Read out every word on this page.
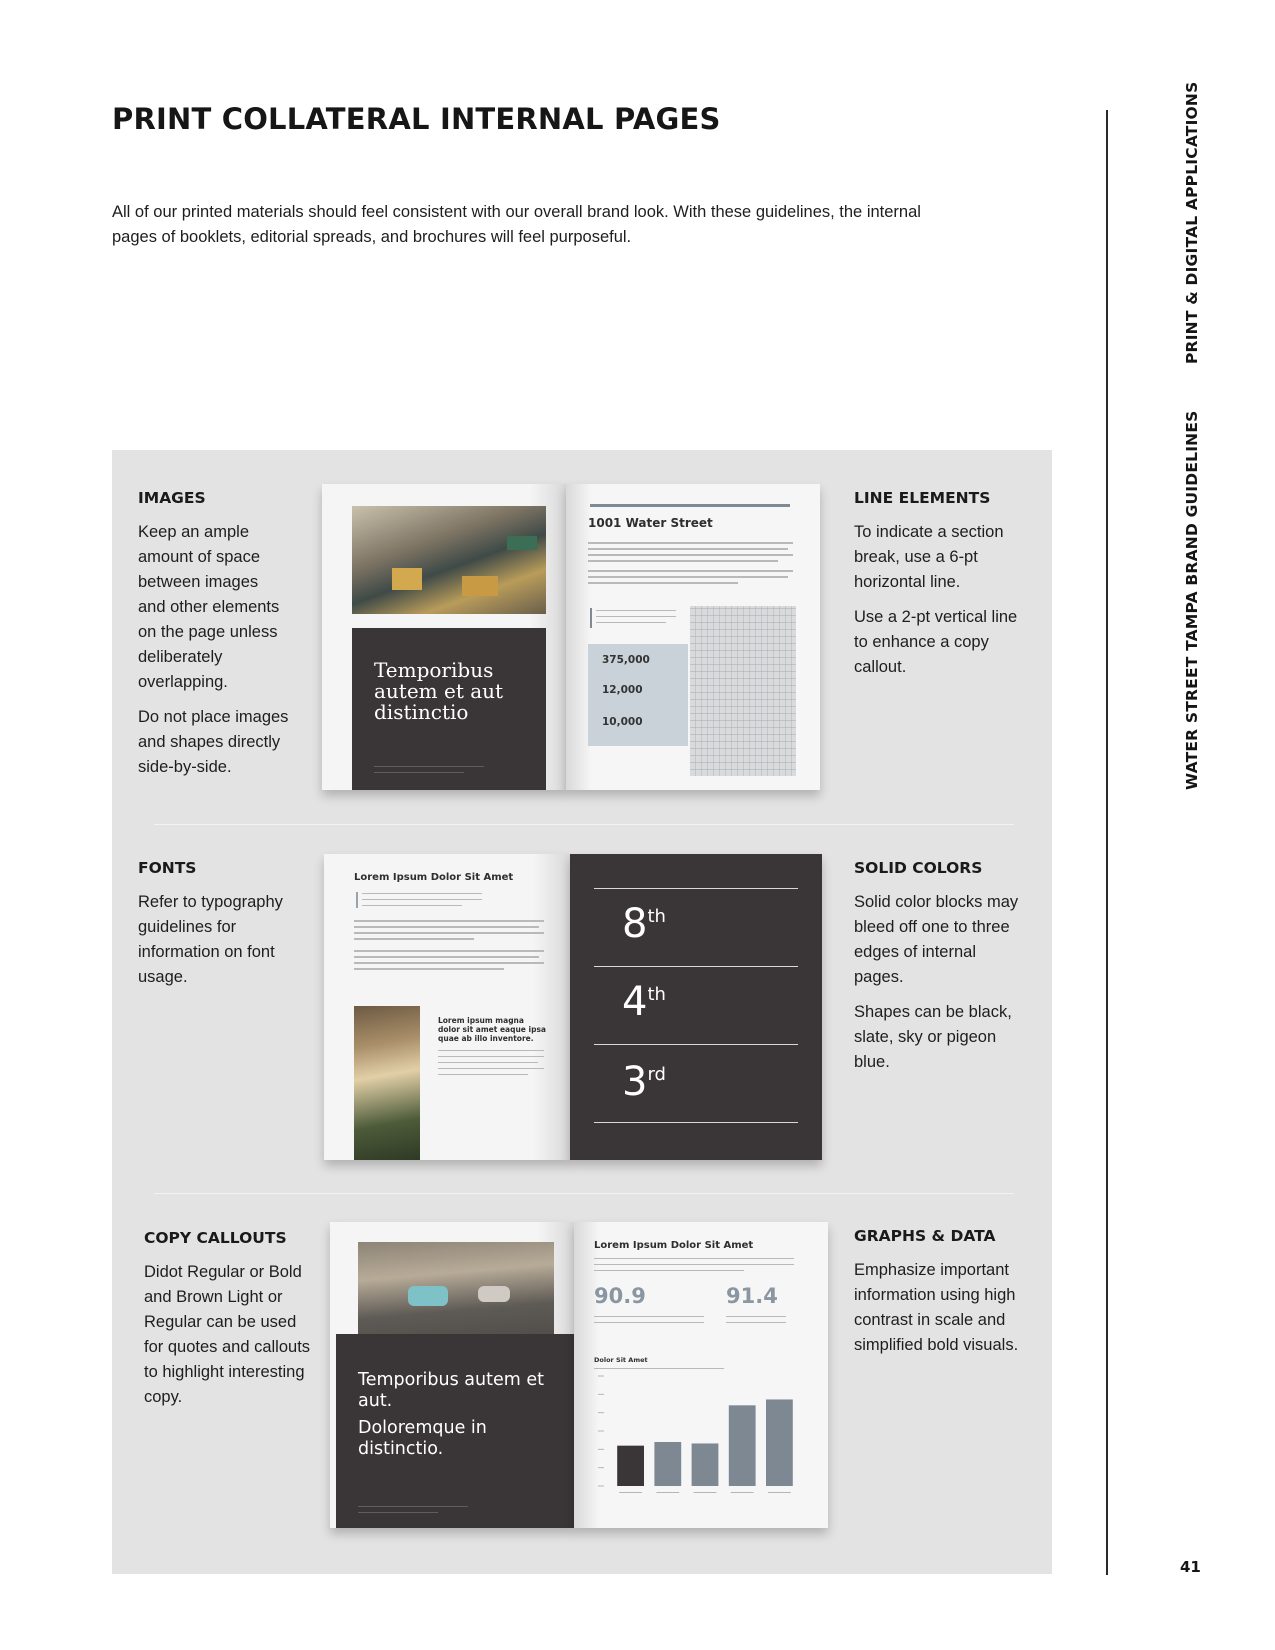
PRINT COLLATERAL INTERNAL PAGES
All of our printed materials should feel consistent with our overall brand look. With these guidelines, the internal pages of booklets, editorial spreads, and brochures will feel purposeful.	PRINT & DIGITAL APPLICATIONS
WATER STREET TAMPA BRAND GUIDELINES
41
IMAGES

Keep an ample amount of space between images and other elements on the page unless deliberately overlapping.

Do not place images and shapes directly side-by-side.

LINE ELEMENTS

To indicate a section break, use a 6-pt horizontal line.

Use a 2-pt vertical line to enhance a copy callout.

FONTS

Refer to typography guidelines for information on font usage.

SOLID COLORS

Solid color blocks may bleed off one to three edges of internal pages.

Shapes can be black, slate, sky or pigeon blue.

COPY CALLOUTS

Didot Regular or Bold and Brown Light or Regular can be used for quotes and callouts to highlight interesting copy.

GRAPHS & DATA

Emphasize important information using high contrast in scale and simplified bold visuals.

Temporibus autem et aut distinctio
1001 Water Street
375,000
12,000
10,000
Lorem Ipsum Dolor Sit Amet
Lorem ipsum magna dolor sit amet eaque ipsa quae ab illo inventore.
8th
4th
3rd
Temporibus autem et aut.
Doloremque in distinctio.
Lorem Ipsum Dolor Sit Amet
90.9	91.4
Dolor Sit Amet
